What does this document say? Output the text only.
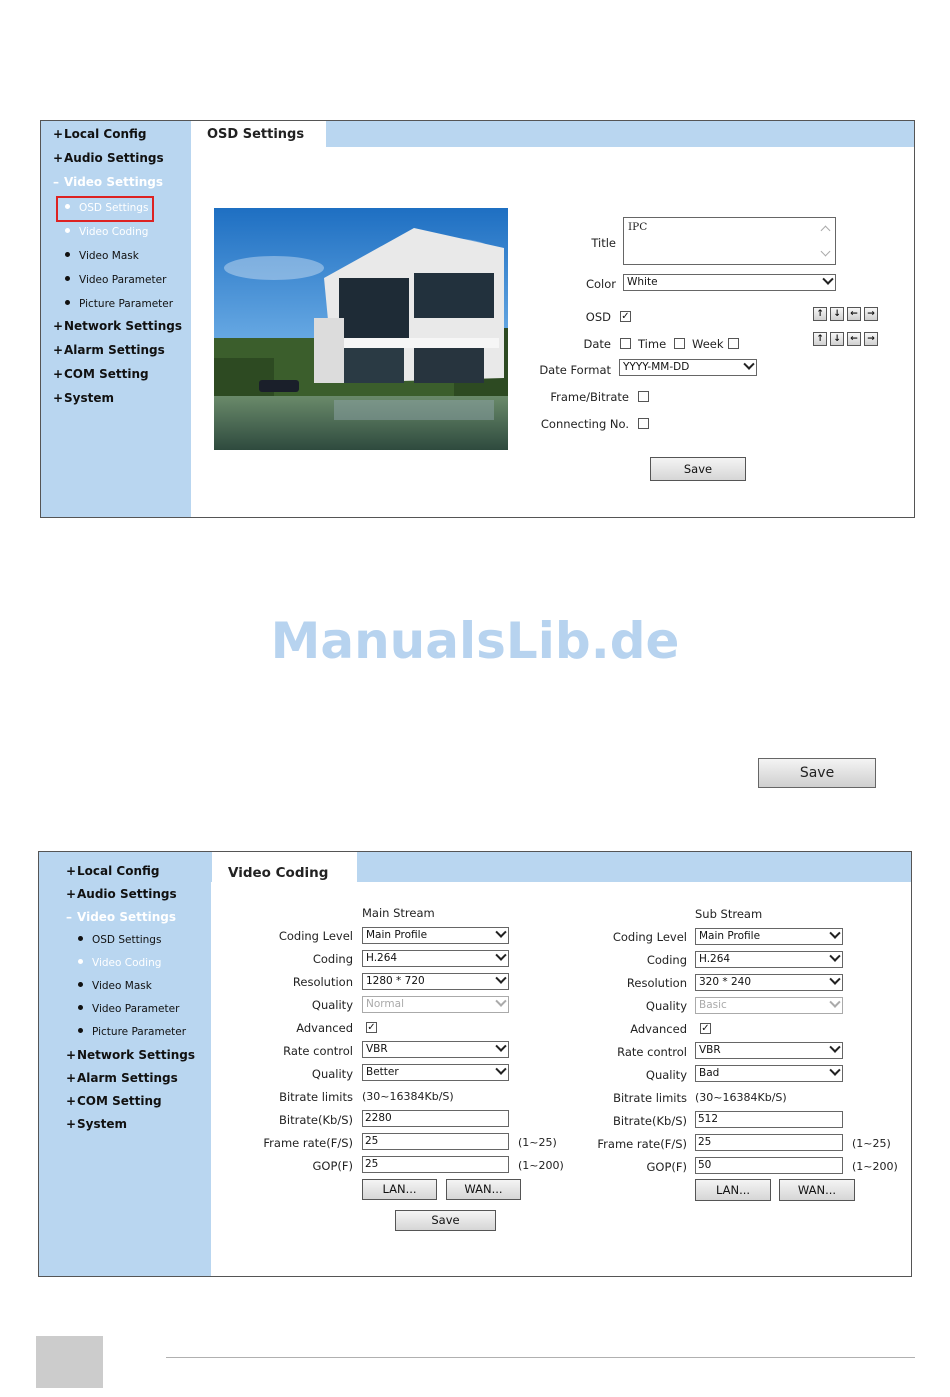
OSD Settings
+Local Config
+Audio Settings
– Video Settings
OSD Settings
Video Coding
Video Mask
Video Parameter
Picture Parameter
+Network Settings
+Alarm Settings
+COM Setting
+System
Title
IPC
Color	White
OSD ✓
Date Time Week
↑	↓	←	→
↑	↓	←	→
Date Format	YYYY-MM-DD
Frame/Bitrate
Connecting No.
Save
ManualsLib.de
Save
Video Coding
+Local Config
+Audio Settings
– Video Settings
OSD Settings
Video Coding
Video Mask
Video Parameter
Picture Parameter
+Network Settings
+Alarm Settings
+COM Setting
+System
Main Stream
Coding Level	Main Profile
Coding	H.264
Resolution	1280 * 720
Quality	Normal
Advanced ✓
Rate control	VBR
Quality	Better
Bitrate limits (30~16384Kb/S)
Bitrate(Kb/S) 2280
Frame rate(F/S) 25	(1~25)
GOP(F) 25	(1~200)
LAN...	WAN...
Save
Sub Stream
Coding Level	Main Profile
Coding	H.264
Resolution	320 * 240
Quality	Basic
Advanced ✓
Rate control	VBR
Quality	Bad
Bitrate limits (30~16384Kb/S)
Bitrate(Kb/S) 512
Frame rate(F/S) 25	(1~25)
GOP(F) 50	(1~200)
LAN...	WAN...
